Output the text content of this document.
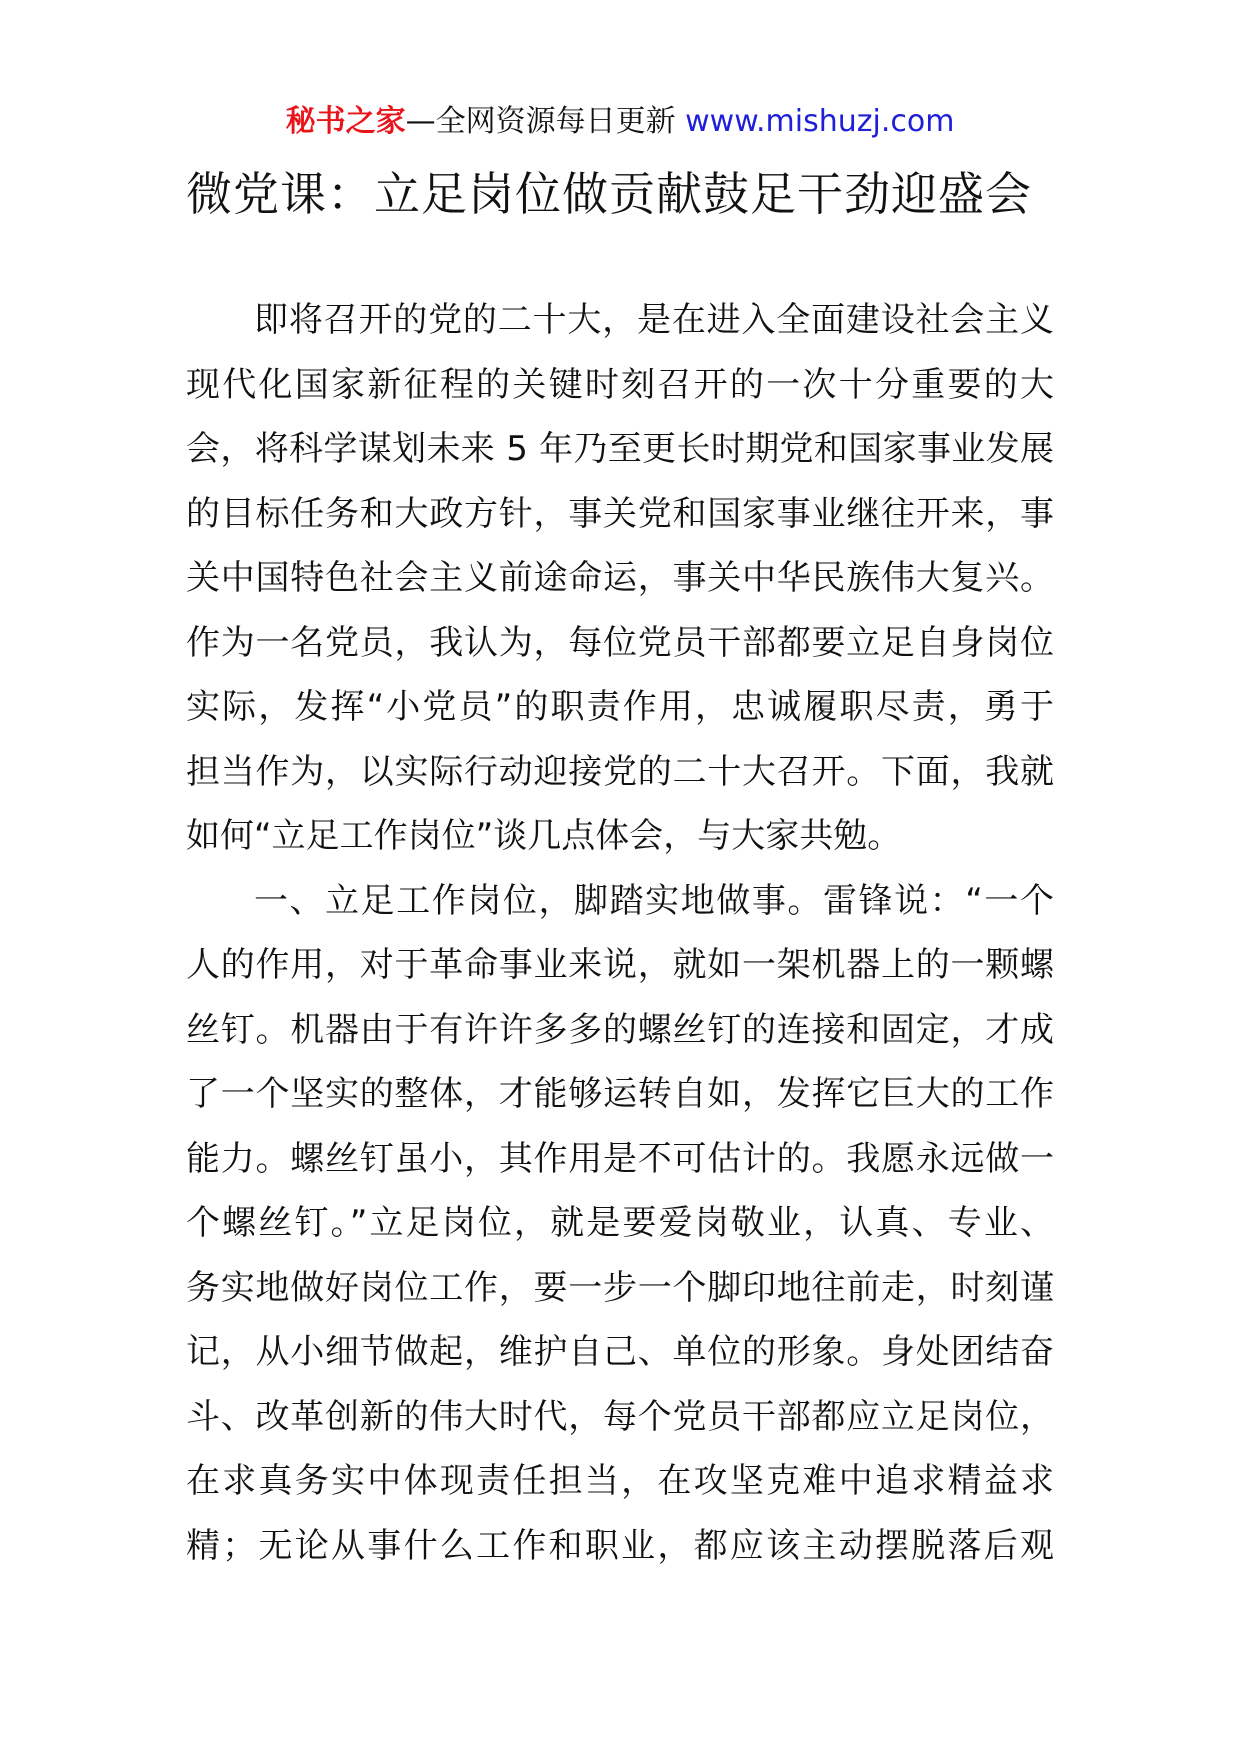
秘书之家—全网资源每日更新 www.mishuzj.com
微党课：立足岗位做贡献鼓足干劲迎盛会
即将召开的党的二十大，是在进入全面建设社会主义
现代化国家新征程的关键时刻召开的一次十分重要的大
会，将科学谋划未来 5 年乃至更长时期党和国家事业发展
的目标任务和大政方针，事关党和国家事业继往开来，事
关中国特色社会主义前途命运，事关中华民族伟大复兴。
作为一名党员，我认为，每位党员干部都要立足自身岗位
实际，发挥“小党员”的职责作用，忠诚履职尽责，勇于
担当作为，以实际行动迎接党的二十大召开。下面，我就
如何“立足工作岗位”谈几点体会，与大家共勉。
一、立足工作岗位，脚踏实地做事。雷锋说：“一个
人的作用，对于革命事业来说，就如一架机器上的一颗螺
丝钉。机器由于有许许多多的螺丝钉的连接和固定，才成
了一个坚实的整体，才能够运转自如，发挥它巨大的工作
能力。螺丝钉虽小，其作用是不可估计的。我愿永远做一
个螺丝钉。”立足岗位，就是要爱岗敬业，认真、专业、
务实地做好岗位工作，要一步一个脚印地往前走，时刻谨
记，从小细节做起，维护自己、单位的形象。身处团结奋
斗、改革创新的伟大时代，每个党员干部都应立足岗位，
在求真务实中体现责任担当，在攻坚克难中追求精益求
精；无论从事什么工作和职业，都应该主动摆脱落后观
